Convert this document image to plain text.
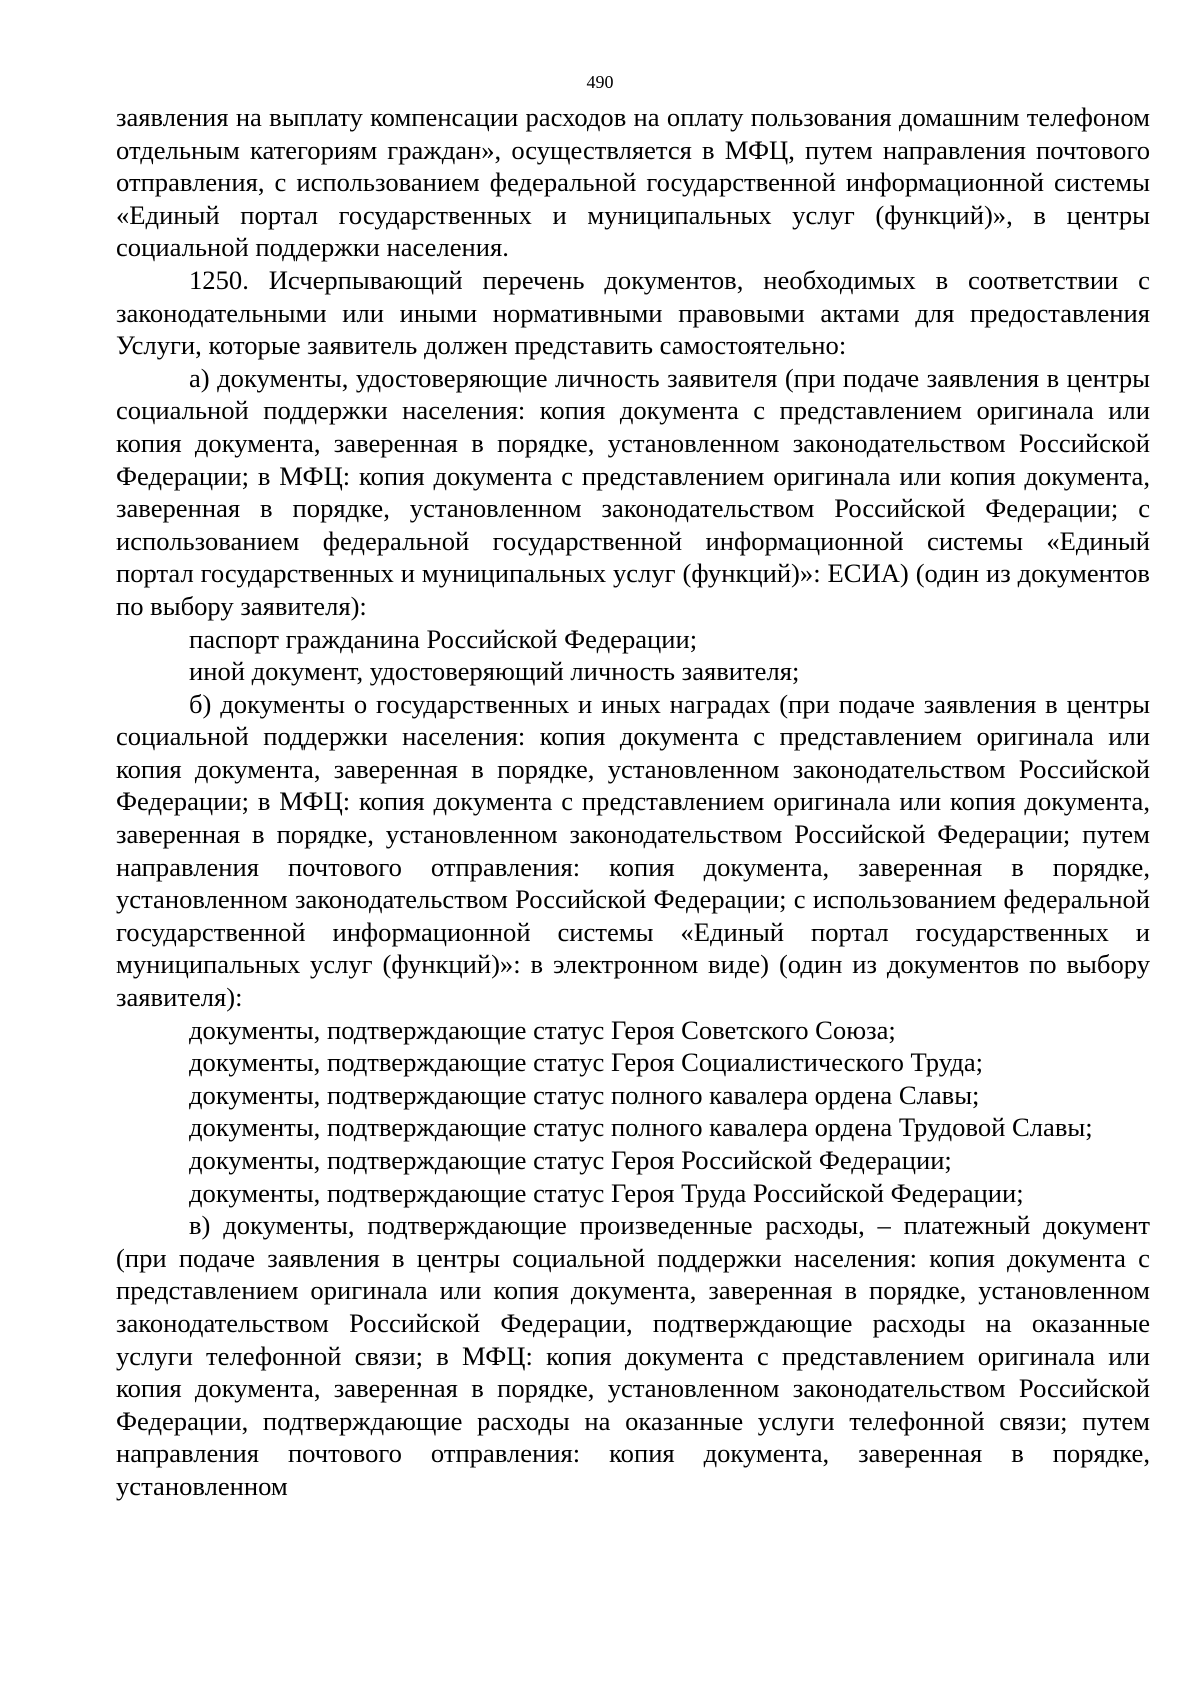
490

заявления на выплату компенсации расходов на оплату пользования домашним телефоном отдельным категориям граждан», осуществляется в МФЦ, путем направления почтового отправления, с использованием федеральной государственной информационной системы «Единый портал государственных и муниципальных услуг (функций)», в центры социальной поддержки населения.

1250. Исчерпывающий перечень документов, необходимых в соответствии с законодательными или иными нормативными правовыми актами для предоставления Услуги, которые заявитель должен представить самостоятельно:

а) документы, удостоверяющие личность заявителя (при подаче заявления в центры социальной поддержки населения: копия документа с представлением оригинала или копия документа, заверенная в порядке, установленном законодательством Российской Федерации; в МФЦ: копия документа с представлением оригинала или копия документа, заверенная в порядке, установленном законодательством Российской Федерации; с использованием федеральной государственной информационной системы «Единый портал государственных и муниципальных услуг (функций)»: ЕСИА) (один из документов по выбору заявителя):

паспорт гражданина Российской Федерации;

иной документ, удостоверяющий личность заявителя;

б) документы о государственных и иных наградах (при подаче заявления в центры социальной поддержки населения: копия документа с представлением оригинала или копия документа, заверенная в порядке, установленном законодательством Российской Федерации; в МФЦ: копия документа с представлением оригинала или копия документа, заверенная в порядке, установленном законодательством Российской Федерации; путем направления почтового отправления: копия документа, заверенная в порядке, установленном законодательством Российской Федерации; с использованием федеральной государственной информационной системы «Единый портал государственных и муниципальных услуг (функций)»: в электронном виде) (один из документов по выбору заявителя):

документы, подтверждающие статус Героя Советского Союза;

документы, подтверждающие статус Героя Социалистического Труда;

документы, подтверждающие статус полного кавалера ордена Славы;

документы, подтверждающие статус полного кавалера ордена Трудовой Славы;

документы, подтверждающие статус Героя Российской Федерации;

документы, подтверждающие статус Героя Труда Российской Федерации;

в) документы, подтверждающие произведенные расходы, – платежный документ (при подаче заявления в центры социальной поддержки населения: копия документа с представлением оригинала или копия документа, заверенная в порядке, установленном законодательством Российской Федерации, подтверждающие расходы на оказанные услуги телефонной связи; в МФЦ: копия документа с представлением оригинала или копия документа, заверенная в порядке, установленном законодательством Российской Федерации, подтверждающие расходы на оказанные услуги телефонной связи; путем направления почтового отправления: копия документа, заверенная в порядке, установленном
